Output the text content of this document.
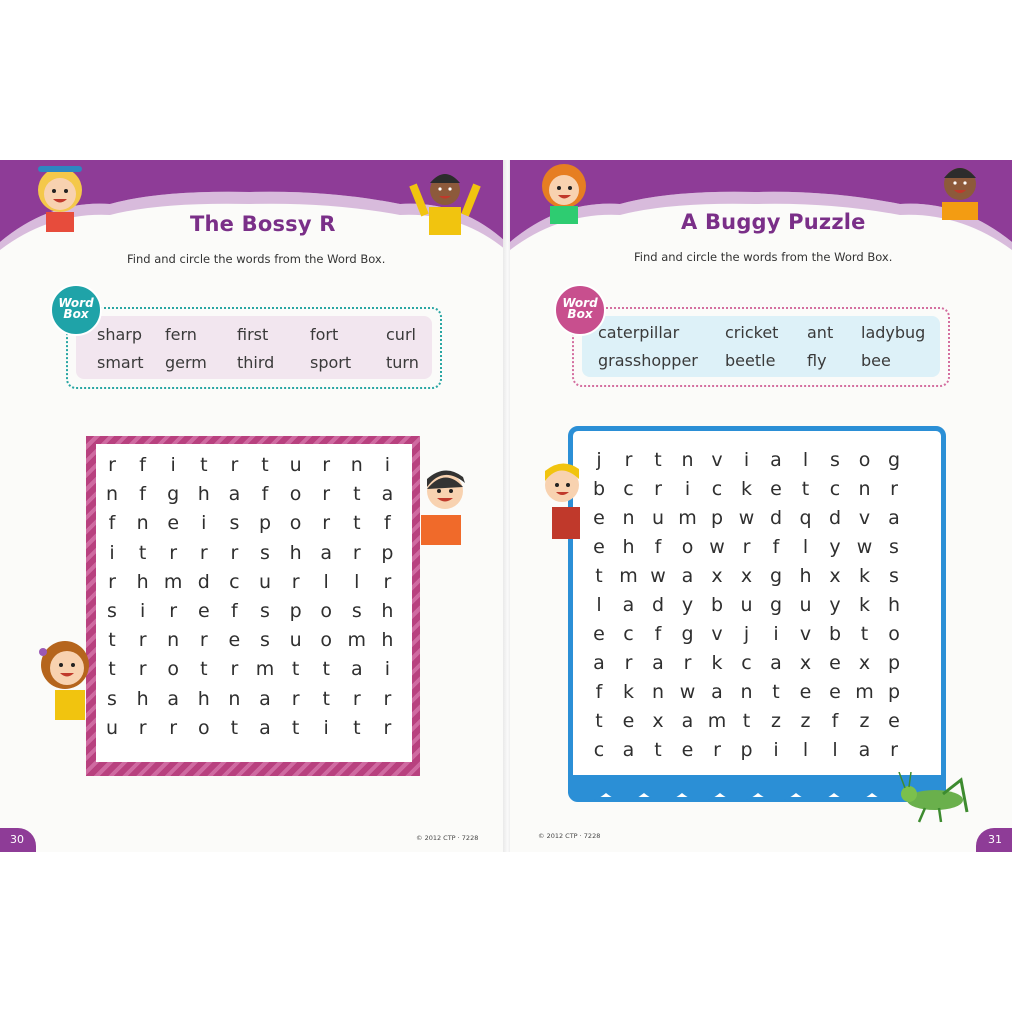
The Bossy R
Find and circle the words from the Word Box.
Word
Box
sharp fern	first	fort	curl
smart germ third sport turn
r	f	i	t	r	t	u	r	n	i
n	f	g h a	f	o	r	t	a
f	n e	i	s	p o	r	t	f
i	t	r	r	r	s	h a	r	p
r	h m d	c	u	r	l	l	r
s	i	r	e	f	s	p o	s	h
t	r	n	r	e	s	u o m h
t	r	o	t	r m t	t	a	i
s	h a h n a	r	t	r	r
u	r	r	o	t	a	t	i	t	r
30	© 2012 CTP · 7228
A Buggy Puzzle
Find and circle the words from the Word Box.
Word
Box
caterpillar	cricket ant ladybug
grasshopper beetle fly bee
j	r	t	n v	i	a	l	s o g
b c	r	i	c k e	t	c n	r
e n u m p w d q d v a
e h	f	o w r	f	l	y w s
t m w a x x g h x k	s
l	a d y b u g u y k h
e c	f	g v	j	i	v b	t	o
a	r	a	r	k c a x e x p
f	k n w a n	t	e e m p
t	e x a m t	z	z	f	z e
c a	t	e	r	p	i	l	l	a	r
© 2012 CTP · 7228	31
